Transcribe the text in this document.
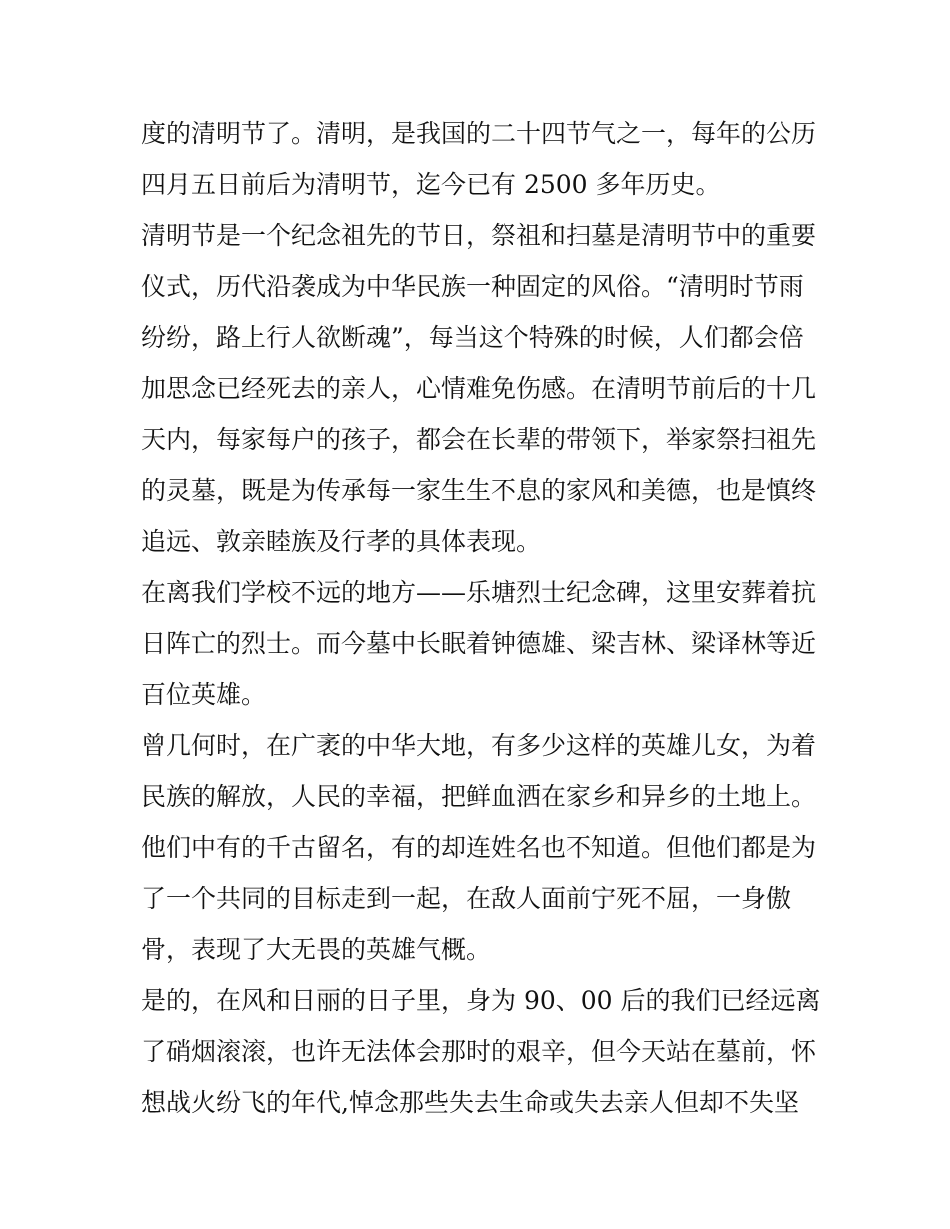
度的清明节了。清明，是我国的二十四节气之一，每年的公历
四月五日前后为清明节，迄今已有 2500 多年历史。
清明节是一个纪念祖先的节日，祭祖和扫墓是清明节中的重要
仪式，历代沿袭成为中华民族一种固定的风俗。“清明时节雨
纷纷，路上行人欲断魂”，每当这个特殊的时候，人们都会倍
加思念已经死去的亲人，心情难免伤感。在清明节前后的十几
天内，每家每户的孩子，都会在长辈的带领下，举家祭扫祖先
的灵墓，既是为传承每一家生生不息的家风和美德，也是慎终
追远、敦亲睦族及行孝的具体表现。
在离我们学校不远的地方——乐塘烈士纪念碑，这里安葬着抗
日阵亡的烈士。而今墓中长眠着钟德雄、梁吉林、梁译林等近
百位英雄。
曾几何时，在广袤的中华大地，有多少这样的英雄儿女，为着
民族的解放，人民的幸福，把鲜血洒在家乡和异乡的土地上。
他们中有的千古留名，有的却连姓名也不知道。但他们都是为
了一个共同的目标走到一起，在敌人面前宁死不屈，一身傲
骨，表现了大无畏的英雄气概。
是的，在风和日丽的日子里，身为 90、00 后的我们已经远离
了硝烟滚滚，也许无法体会那时的艰辛，但今天站在墓前，怀
想战火纷飞的年代,悼念那些失去生命或失去亲人但却不失坚
